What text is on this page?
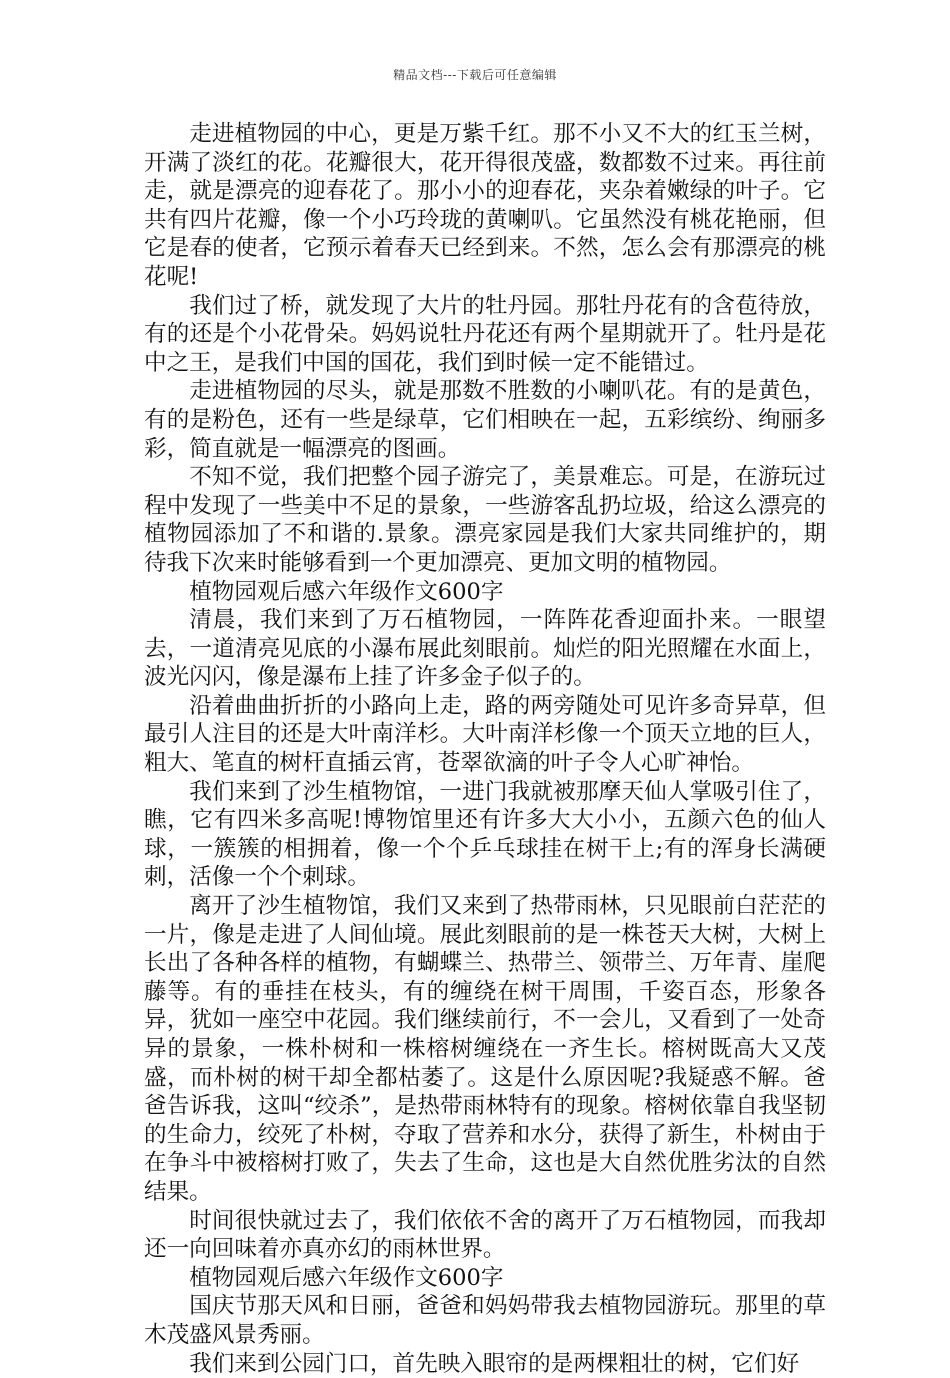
精品文档---下载后可任意编辑

走进植物园的中心，更是万紫千红。那不小又不大的红玉兰树，开满了淡红的花。花瓣很大，花开得很茂盛，数都数不过来。再往前走，就是漂亮的迎春花了。那小小的迎春花，夹杂着嫩绿的叶子。它共有四片花瓣，像一个小巧玲珑的黄喇叭。它虽然没有桃花艳丽，但它是春的使者，它预示着春天已经到来。不然，怎么会有那漂亮的桃花呢!

我们过了桥，就发现了大片的牡丹园。那牡丹花有的含苞待放，有的还是个小花骨朵。妈妈说牡丹花还有两个星期就开了。牡丹是花中之王，是我们中国的国花，我们到时候一定不能错过。

走进植物园的尽头，就是那数不胜数的小喇叭花。有的是黄色，有的是粉色，还有一些是绿草，它们相映在一起，五彩缤纷、绚丽多彩，简直就是一幅漂亮的图画。

不知不觉，我们把整个园子游完了，美景难忘。可是，在游玩过程中发现了一些美中不足的景象，一些游客乱扔垃圾，给这么漂亮的植物园添加了不和谐的.景象。漂亮家园是我们大家共同维护的，期待我下次来时能够看到一个更加漂亮、更加文明的植物园。

植物园观后感六年级作文600字

清晨，我们来到了万石植物园，一阵阵花香迎面扑来。一眼望去，一道清亮见底的小瀑布展此刻眼前。灿烂的阳光照耀在水面上，波光闪闪，像是瀑布上挂了许多金子似子的。

沿着曲曲折折的小路向上走，路的两旁随处可见许多奇异草，但最引人注目的还是大叶南洋杉。大叶南洋杉像一个顶天立地的巨人，粗大、笔直的树杆直插云宵，苍翠欲滴的叶子令人心旷神怡。

我们来到了沙生植物馆，一进门我就被那摩天仙人掌吸引住了，瞧，它有四米多高呢!博物馆里还有许多大大小小，五颜六色的仙人球，一簇簇的相拥着，像一个个乒乓球挂在树干上;有的浑身长满硬刺，活像一个个刺球。

离开了沙生植物馆，我们又来到了热带雨林，只见眼前白茫茫的一片，像是走进了人间仙境。展此刻眼前的是一株苍天大树，大树上长出了各种各样的植物，有蝴蝶兰、热带兰、领带兰、万年青、崖爬藤等。有的垂挂在枝头，有的缠绕在树干周围，千姿百态，形象各异，犹如一座空中花园。我们继续前行，不一会儿，又看到了一处奇异的景象，一株朴树和一株榕树缠绕在一齐生长。榕树既高大又茂盛，而朴树的树干却全都枯萎了。这是什么原因呢?我疑惑不解。爸爸告诉我，这叫“绞杀”，是热带雨林特有的现象。榕树依靠自我坚韧的生命力，绞死了朴树，夺取了营养和水分，获得了新生，朴树由于在争斗中被榕树打败了，失去了生命，这也是大自然优胜劣汰的自然结果。

时间很快就过去了，我们依依不舍的离开了万石植物园，而我却还一向回味着亦真亦幻的雨林世界。

植物园观后感六年级作文600字

国庆节那天风和日丽，爸爸和妈妈带我去植物园游玩。那里的草木茂盛风景秀丽。

我们来到公园门口，首先映入眼帘的是两棵粗壮的树，它们好
